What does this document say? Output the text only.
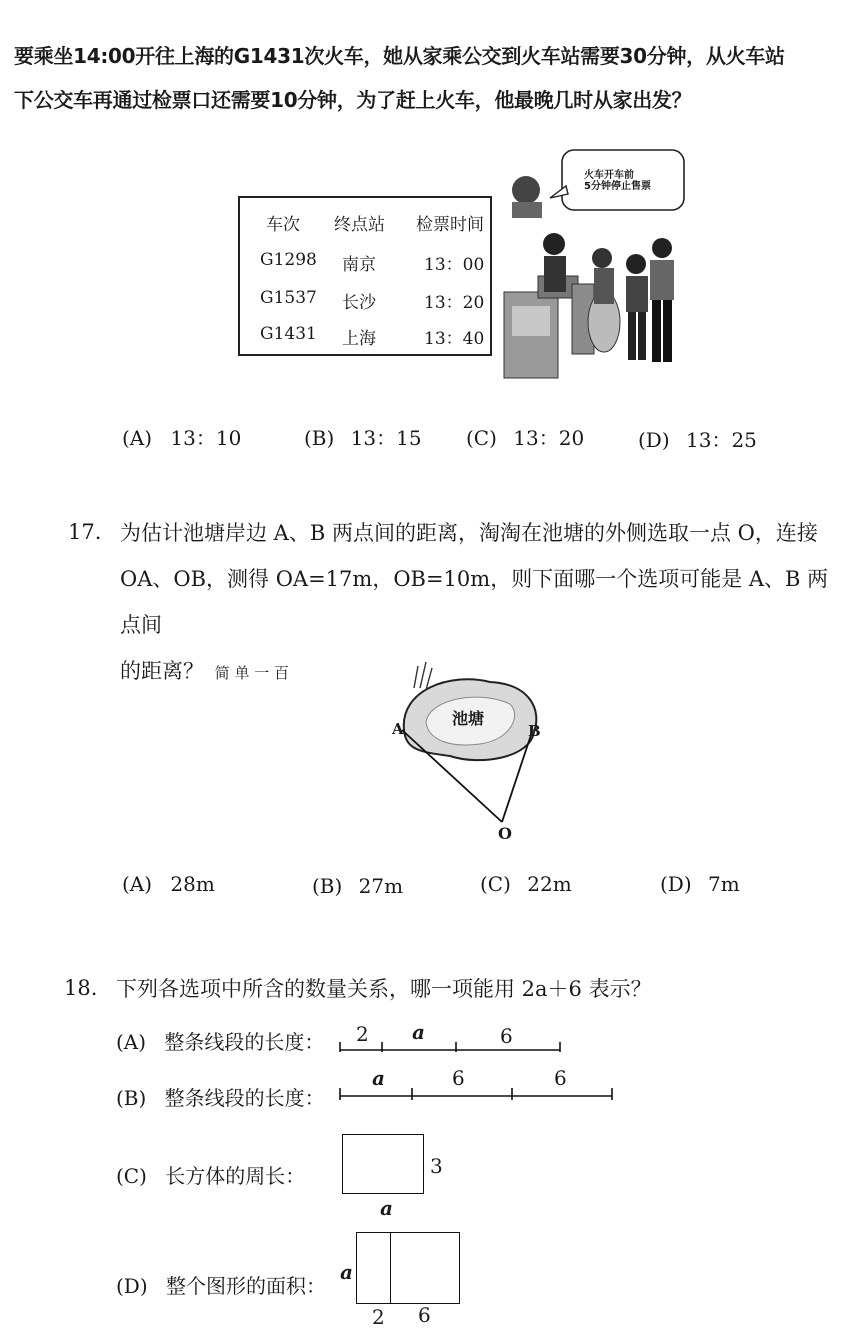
要乘坐14:00开往上海的G1431次火车，她从家乘公交到火车站需要30分钟，从火车站
下公交车再通过检票口还需要10分钟，为了赶上火车，他最晚几时从家出发？
车次 终点站 检票时间
G1298 南京	13：00
G1537 长沙	13：20
G1431 上海	13：40
火车开车前
5分钟停止售票
(A) 13：10	(B) 13：15 (C) 13：20	(D) 13：25
17. 为估计池塘岸边 A、B 两点间的距离，淘淘在池塘的外侧选取一点 O，连接
OA、OB，测得 OA=17m，OB=10m，则下面哪一个选项可能是 A、B 两点间
的距离？ 简 单 一 百
池塘
A	B
O
(A) 28m	(B) 27m	(C) 22m	(D) 7m
18. 下列各选项中所含的数量关系，哪一项能用 2a＋6 表示？
(A) 整条线段的长度： 2 a	6
(B) 整条线段的长度：
a	6	6
(C) 长方体的周长：	3
a
(D) 整个图形的面积：
a
2 6
